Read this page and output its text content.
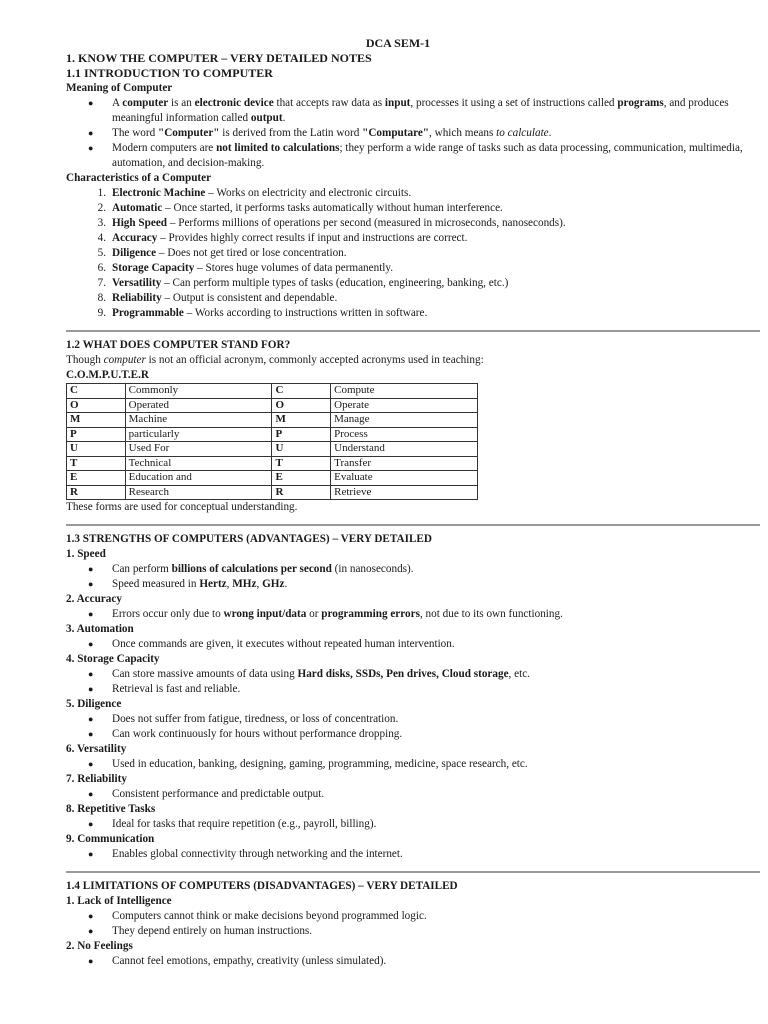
DCA SEM-1
1. KNOW THE COMPUTER – VERY DETAILED NOTES
1.1 INTRODUCTION TO COMPUTER
Meaning of Computer
● A computer is an electronic device that accepts raw data as input, processes it using a set of instructions called programs, and produces meaningful information called output.
● The word "Computer" is derived from the Latin word "Computare", which means to calculate.
● Modern computers are not limited to calculations; they perform a wide range of tasks such as data processing, communication, multimedia, automation, and decision-making.
Characteristics of a Computer
1. Electronic Machine – Works on electricity and electronic circuits.
2. Automatic – Once started, it performs tasks automatically without human interference.
3. High Speed – Performs millions of operations per second (measured in microseconds, nanoseconds).
4. Accuracy – Provides highly correct results if input and instructions are correct.
5. Diligence – Does not get tired or lose concentration.
6. Storage Capacity – Stores huge volumes of data permanently.
7. Versatility – Can perform multiple types of tasks (education, engineering, banking, etc.)
8. Reliability – Output is consistent and dependable.
9. Programmable – Works according to instructions written in software.
1.2 WHAT DOES COMPUTER STAND FOR?
Though computer is not an official acronym, commonly accepted acronyms used in teaching:
C.O.M.P.U.T.E.R
C	Commonly	C	Compute
O	Operated	O	Operate
M	Machine	M	Manage
P	particularly	P	Process
U	Used For	U	Understand
T	Technical	T	Transfer
E	Education and	E	Evaluate
R	Research	R	Retrieve
These forms are used for conceptual understanding.
1.3 STRENGTHS OF COMPUTERS (ADVANTAGES) – VERY DETAILED
1. Speed
● Can perform billions of calculations per second (in nanoseconds).
● Speed measured in Hertz, MHz, GHz.
2. Accuracy
● Errors occur only due to wrong input/data or programming errors, not due to its own functioning.
3. Automation
● Once commands are given, it executes without repeated human intervention.
4. Storage Capacity
● Can store massive amounts of data using Hard disks, SSDs, Pen drives, Cloud storage, etc.
● Retrieval is fast and reliable.
5. Diligence
● Does not suffer from fatigue, tiredness, or loss of concentration.
● Can work continuously for hours without performance dropping.
6. Versatility
● Used in education, banking, designing, gaming, programming, medicine, space research, etc.
7. Reliability
● Consistent performance and predictable output.
8. Repetitive Tasks
● Ideal for tasks that require repetition (e.g., payroll, billing).
9. Communication
● Enables global connectivity through networking and the internet.
1.4 LIMITATIONS OF COMPUTERS (DISADVANTAGES) – VERY DETAILED
1. Lack of Intelligence
● Computers cannot think or make decisions beyond programmed logic.
● They depend entirely on human instructions.
2. No Feelings
● Cannot feel emotions, empathy, creativity (unless simulated).
